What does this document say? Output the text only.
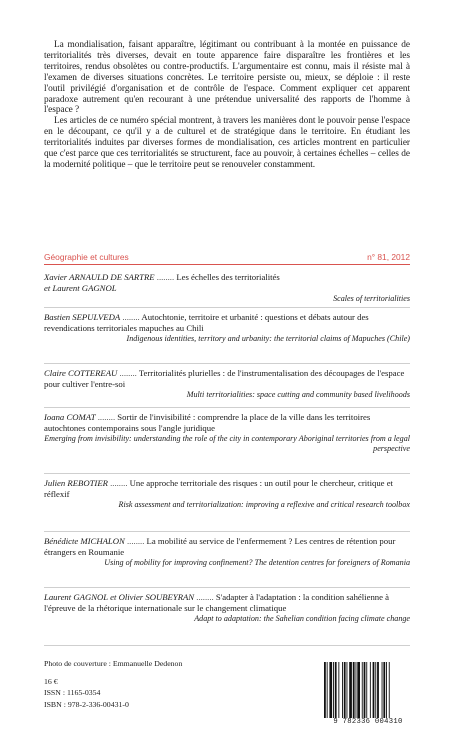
La mondialisation, faisant apparaître, légitimant ou contribuant à la montée en puissance de territorialités très diverses, devait en toute apparence faire disparaître les frontières et les territoires, rendus obsolètes ou contre-productifs. L'argumentaire est connu, mais il résiste mal à l'examen de diverses situations concrètes. Le territoire persiste ou, mieux, se déploie : il reste l'outil privilégié d'organisation et de contrôle de l'espace. Comment expliquer cet apparent paradoxe autrement qu'en recourant à une prétendue universalité des rapports de l'homme à l'espace ?

Les articles de ce numéro spécial montrent, à travers les manières dont le pouvoir pense l'espace en le découpant, ce qu'il y a de culturel et de stratégique dans le territoire. En étudiant les territorialités induites par diverses formes de mondialisation, ces articles montrent en particulier que c'est parce que ces territorialités se structurent, face au pouvoir, à certaines échelles – celles de la modernité politique – que le territoire peut se renouveler constamment.

Géographie et cultures	n° 81, 2012
Xavier ARNAULD DE SARTRE ........ Les échelles des territorialités
et Laurent GAGNOL
Scales of territorialities
Bastien SEPULVEDA ........ Autochtonie, territoire et urbanité : questions et débats autour des revendications territoriales mapuches au Chili
Indigenous identities, territory and urbanity: the territorial claims of Mapuches (Chile)
Claire COTTEREAU ........ Territorialités plurielles : de l'instrumentalisation des découpages de l'espace pour cultiver l'entre-soi
Multi territorialities: space cutting and community based livelihoods
Ioana COMAT ........ Sortir de l'invisibilité : comprendre la place de la ville dans les territoires autochtones contemporains sous l'angle juridique
Emerging from invisibility: understanding the role of the city in contemporary Aboriginal territories from a legal perspective
Julien REBOTIER ........ Une approche territoriale des risques : un outil pour le chercheur, critique et réflexif
Risk assessment and territorialization: improving a reflexive and critical research toolbox
Bénédicte MICHALON ........ La mobilité au service de l'enfermement ? Les centres de rétention pour étrangers en Roumanie
Using of mobility for improving confinement? The detention centres for foreigners of Romania
Laurent GAGNOL et Olivier SOUBEYRAN ........ S'adapter à l'adaptation : la condition sahélienne à l'épreuve de la rhétorique internationale sur le changement climatique
Adapt to adaptation: the Sahelian condition facing climate change
Photo de couverture : Emmanuelle Dedenon
16 €
ISSN : 1165-0354
ISBN : 978-2-336-00431-0
9 782336 004310
